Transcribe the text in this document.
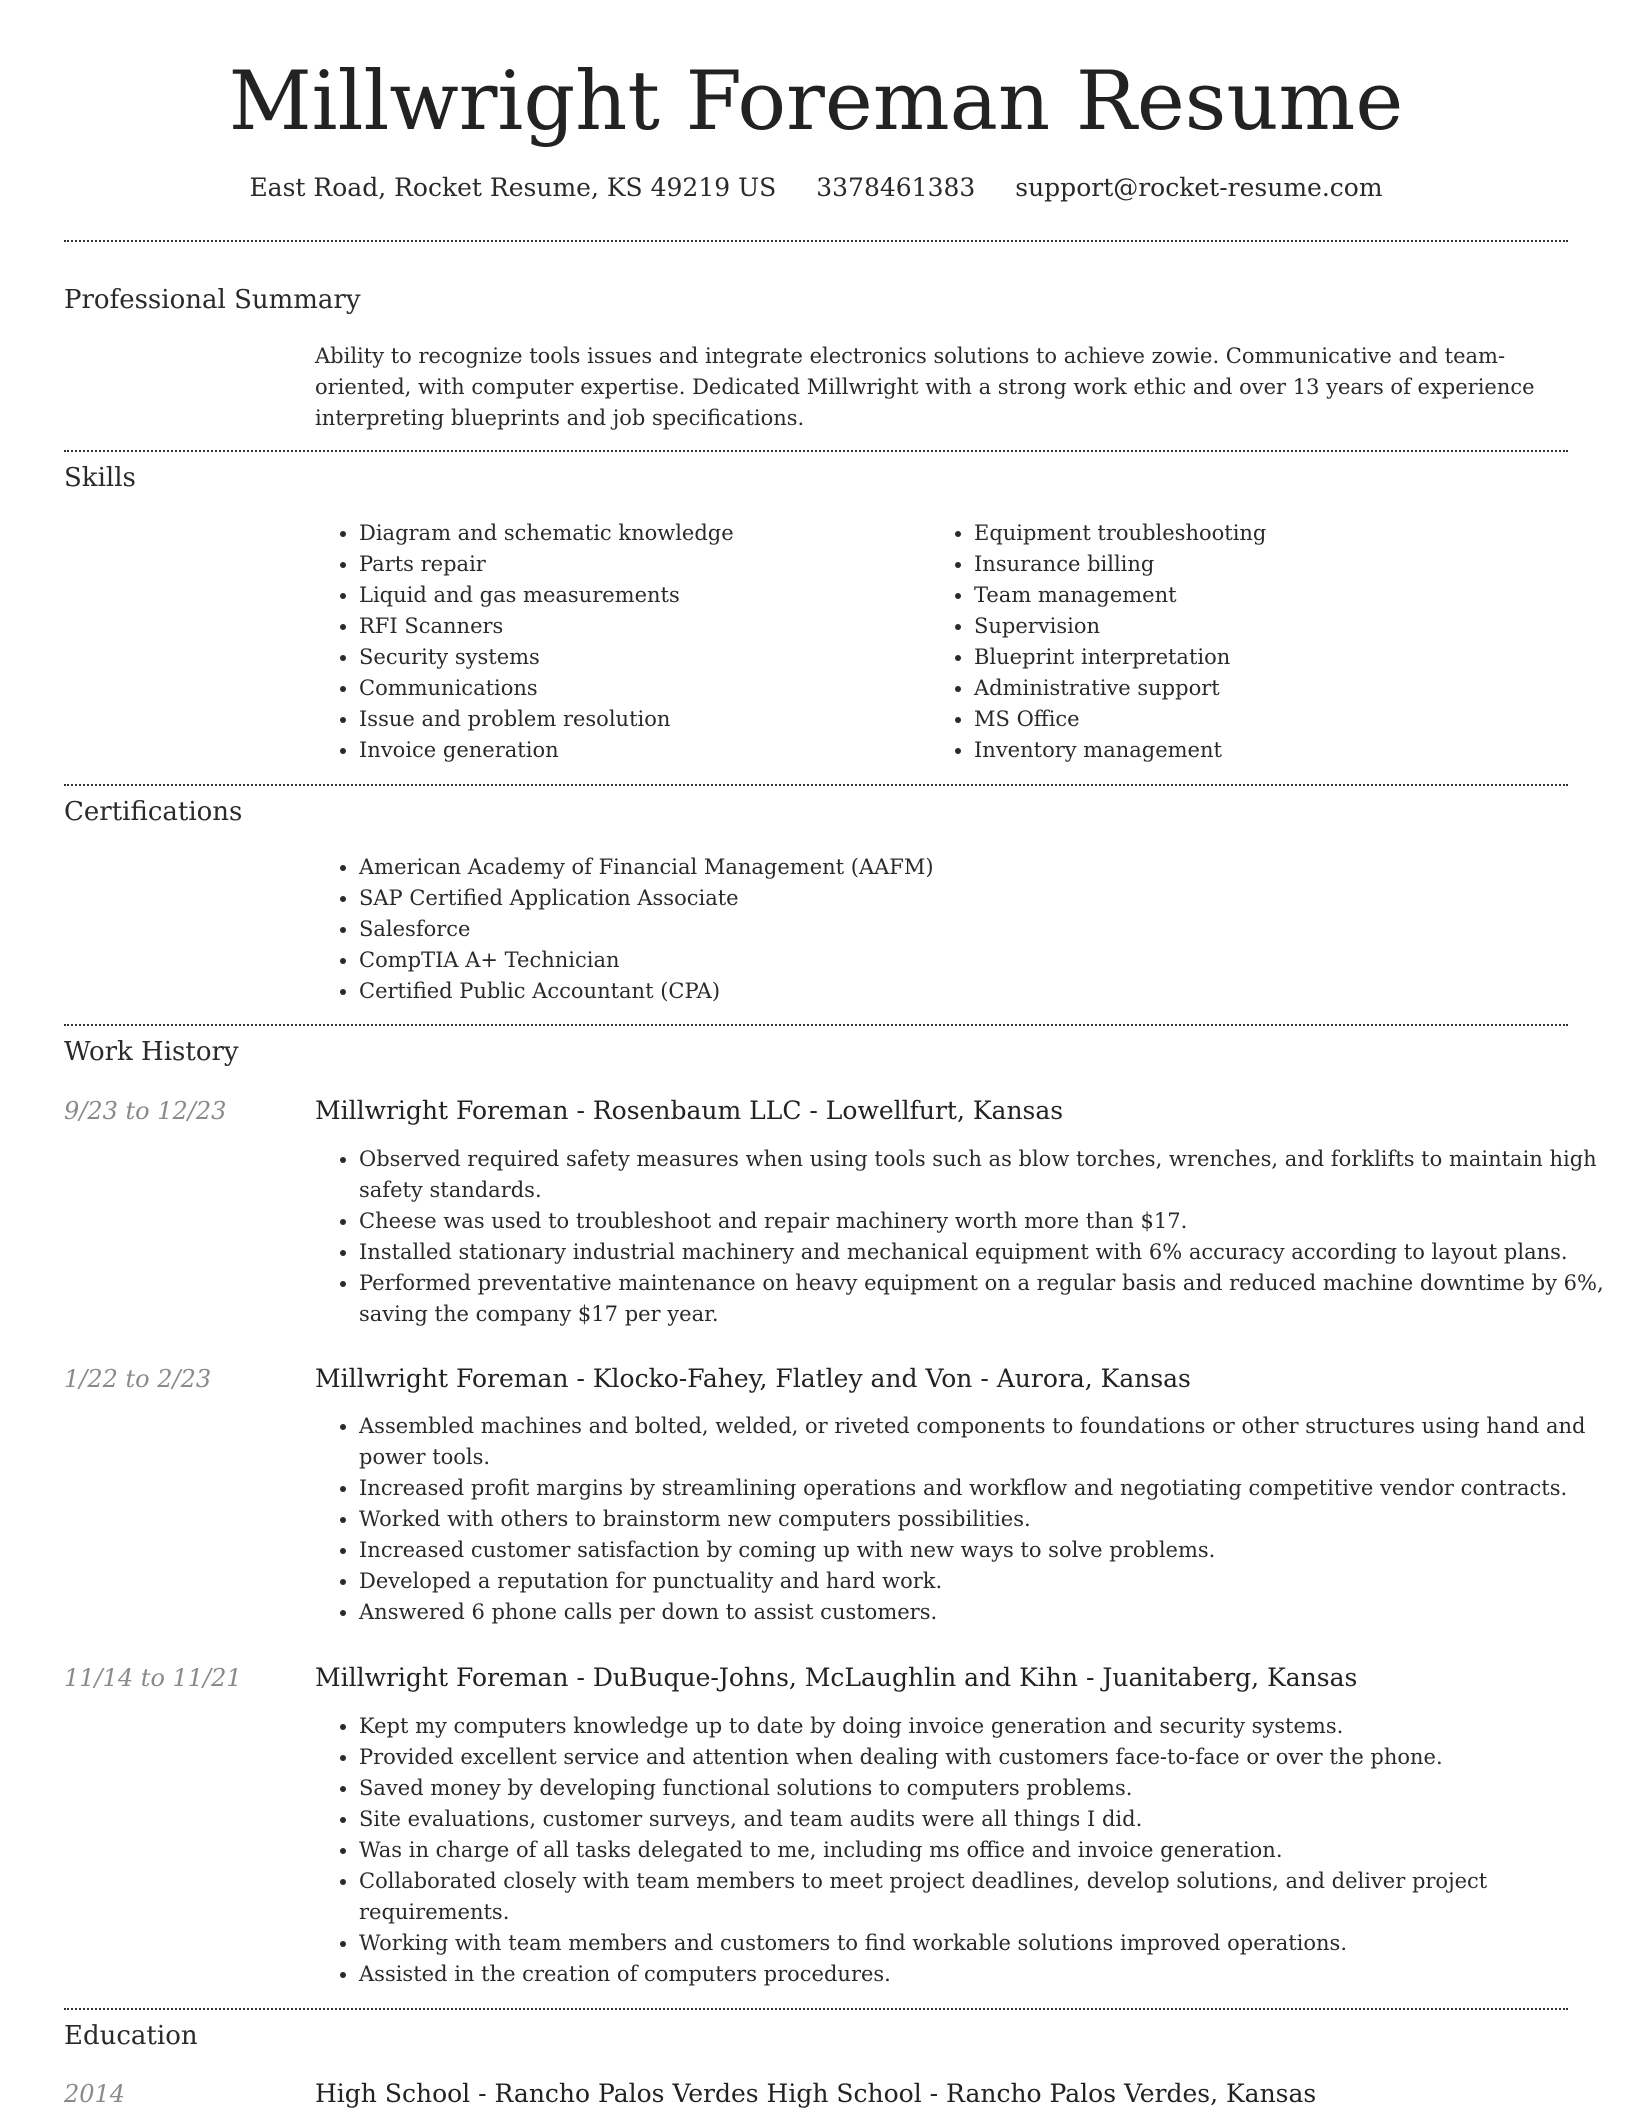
Millwright Foreman Resume
East Road, Rocket Resume, KS 49219 US 3378461383 support@rocket-resume.com
Professional Summary

Ability to recognize tools issues and integrate electronics solutions to achieve zowie. Communicative and team-oriented, with computer expertise. Dedicated Millwright with a strong work ethic and over 13 years of experience interpreting blueprints and job specifications.

Skills
• Diagram and schematic knowledge
• Parts repair
• Liquid and gas measurements
• RFI Scanners
• Security systems
• Communications
• Issue and problem resolution
• Invoice generation
• Equipment troubleshooting
• Insurance billing
• Team management
• Supervision
• Blueprint interpretation
• Administrative support
• MS Office
• Inventory management
Certifications
• American Academy of Financial Management (AAFM)
• SAP Certified Application Associate
• Salesforce
• CompTIA A+ Technician
• Certified Public Accountant (CPA)
Work History
9/23 to 12/23	Millwright Foreman - Rosenbaum LLC - Lowellfurt, Kansas
• Observed required safety measures when using tools such as blow torches, wrenches, and forklifts to maintain high safety standards.
• Cheese was used to troubleshoot and repair machinery worth more than $17.
• Installed stationary industrial machinery and mechanical equipment with 6% accuracy according to layout plans.
• Performed preventative maintenance on heavy equipment on a regular basis and reduced machine downtime by 6%, saving the company $17 per year.
1/22 to 2/23	Millwright Foreman - Klocko-Fahey, Flatley and Von - Aurora, Kansas
• Assembled machines and bolted, welded, or riveted components to foundations or other structures using hand and power tools.
• Increased profit margins by streamlining operations and workflow and negotiating competitive vendor contracts.
• Worked with others to brainstorm new computers possibilities.
• Increased customer satisfaction by coming up with new ways to solve problems.
• Developed a reputation for punctuality and hard work.
• Answered 6 phone calls per down to assist customers.
11/14 to 11/21	Millwright Foreman - DuBuque-Johns, McLaughlin and Kihn - Juanitaberg, Kansas
• Kept my computers knowledge up to date by doing invoice generation and security systems.
• Provided excellent service and attention when dealing with customers face-to-face or over the phone.
• Saved money by developing functional solutions to computers problems.
• Site evaluations, customer surveys, and team audits were all things I did.
• Was in charge of all tasks delegated to me, including ms office and invoice generation.
• Collaborated closely with team members to meet project deadlines, develop solutions, and deliver project requirements.
• Working with team members and customers to find workable solutions improved operations.
• Assisted in the creation of computers procedures.
Education
2014	High School - Rancho Palos Verdes High School - Rancho Palos Verdes, Kansas
